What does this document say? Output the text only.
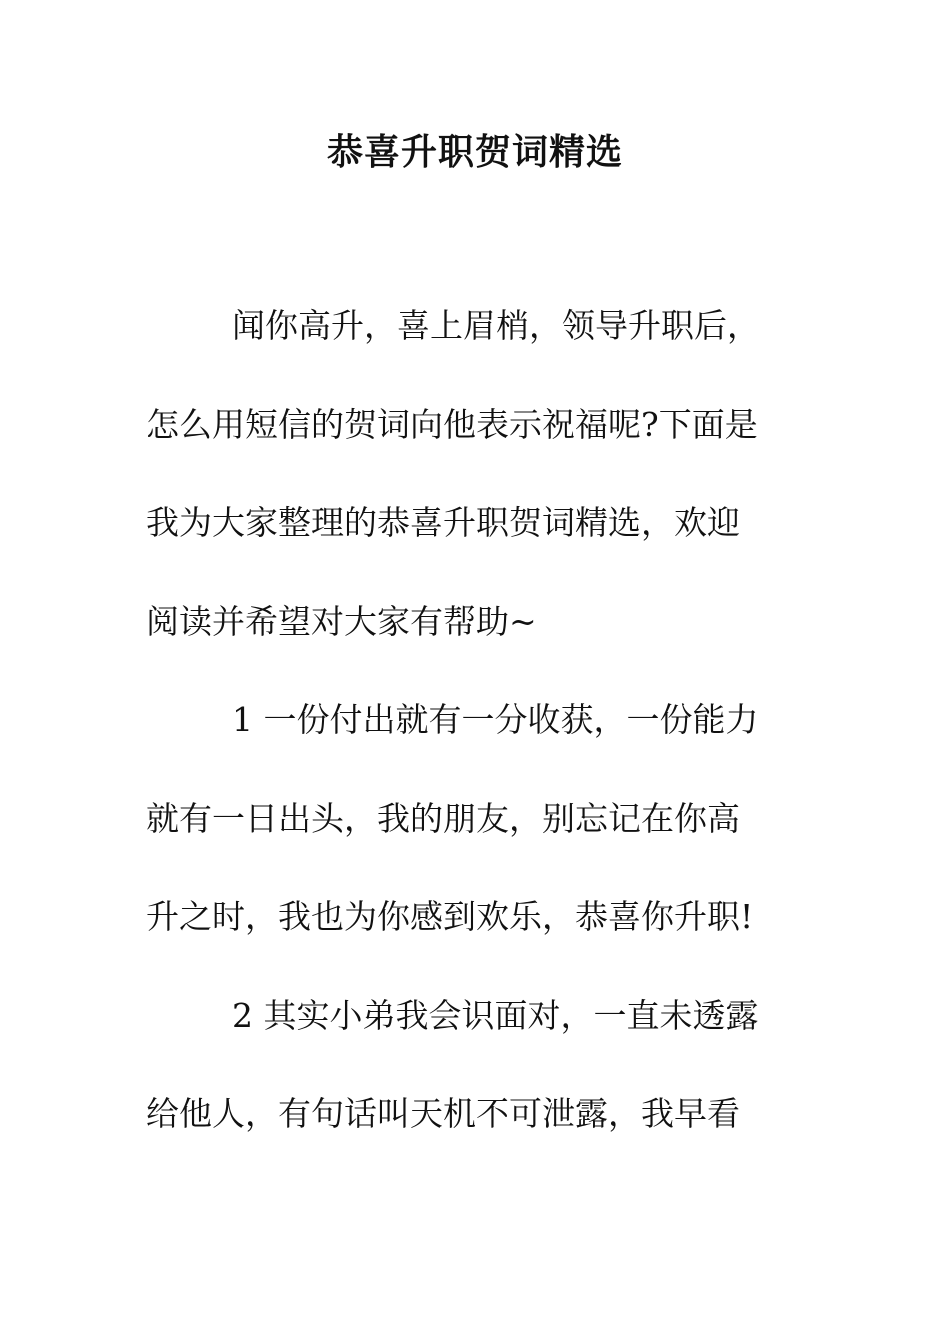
恭喜升职贺词精选
闻你高升，喜上眉梢，领导升职后，
怎么用短信的贺词向他表示祝福呢?下面是
我为大家整理的恭喜升职贺词精选，欢迎
阅读并希望对大家有帮助~
1 一份付出就有一分收获，一份能力
就有一日出头，我的朋友，别忘记在你高
升之时，我也为你感到欢乐，恭喜你升职!
2 其实小弟我会识面对，一直未透露
给他人，有句话叫天机不可泄露，我早看
